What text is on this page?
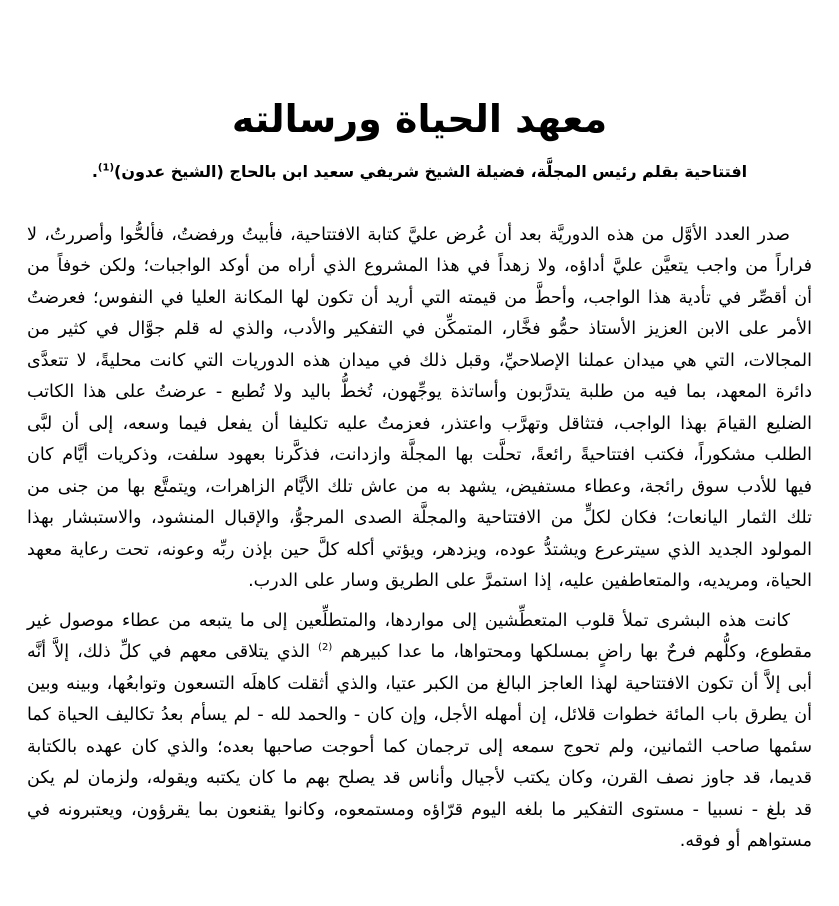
معهد الحياة ورسالته

افتتاحية بقلم رئيس المجلَّة، فضيلة الشيخ شريفي سعيد ابن بالحاج (الشيخ عدون)$^{(1)}$.

صدر العدد الأوَّل من هذه الدوريَّة بعد أن عُرض عليَّ كتابة الافتتاحية، فأبيتُ ورفضتُ، فألحُّوا وأصررتُ، لا فراراً من واجب يتعيَّن عليَّ أداؤه، ولا زهداً في هذا المشروع الذي أراه من أوكد الواجبات؛ ولكن خوفاً من أن أقصِّر في تأدية هذا الواجب، وأحطَّ من قيمته التي أريد أن تكون لها المكانة العليا في النفوس؛ فعرضتُ الأمر على الابن العزيز الأستاذ حمُّو فخَّار، المتمكِّن في التفكير والأدب، والذي له قلم جوَّال في كثير من المجالات، التي هي ميدان عملنا الإصلاحيِّ، وقبل ذلك في ميدان هذه الدوريات التي كانت محليةً، لا تتعدَّى دائرة المعهد، بما فيه من طلبة يتدرَّبون وأساتذة يوجِّهون، تُخطُّ باليد ولا تُطبع - عرضتُ على هذا الكاتب الضليع القيامَ بهذا الواجب، فتثاقل وتهرَّب واعتذر، فعزمتُ عليه تكليفا أن يفعل فيما وسعه، إلى أن لبَّى الطلب مشكوراً، فكتب افتتاحيةً رائعةً، تحلَّت بها المجلَّة وازدانت، فذكَّرنا بعهود سلفت، وذكريات أيَّام كان فيها للأدب سوق رائجة، وعطاء مستفيض، يشهد به من عاش تلك الأيَّام الزاهرات، ويتمتَّع بها من جنى من تلك الثمار اليانعات؛ فكان لكلٍّ من الافتتاحية والمجلَّة الصدى المرجوُّ، والإقبال المنشود، والاستبشار بهذا المولود الجديد الذي سيترعرع ويشتدُّ عوده، ويزدهر، ويؤتي أكله كلَّ حين بإذن ربِّه وعونه، تحت رعاية معهد الحياة، ومريديه، والمتعاطفين عليه، إذا استمرَّ على الطريق وسار على الدرب.

كانت هذه البشرى تملأ قلوب المتعطِّشين إلى مواردها، والمتطلِّعين إلى ما يتبعه من عطاء موصول غير مقطوع، وكلُّهم فرحٌ بها راضٍ بمسلكها ومحتواها، ما عدا كبيرهم $^{(2)}$ الذي يتلاقى معهم في كلِّ ذلك، إلاَّ أنَّه أبى إلاَّ أن تكون الافتتاحية لهذا العاجز البالغ من الكبر عتيا، والذي أثقلت كاهلَه التسعون وتوابعُها، وبينه وبين أن يطرق باب المائة خطوات قلائل، إن أمهله الأجل، وإن كان - والحمد لله - لم يسأم بعدُ تكاليف الحياة كما سئمها صاحب الثمانين، ولم تحوج سمعه إلى ترجمان كما أحوجت صاحبها بعده؛ والذي كان عهده بالكتابة قديما، قد جاوز نصف القرن، وكان يكتب لأجيال وأناس قد يصلح بهم ما كان يكتبه ويقوله، ولزمان لم يكن قد بلغ - نسبيا - مستوى التفكير ما بلغه اليوم قرّاؤه ومستمعوه، وكانوا يقنعون بما يقرؤون، ويعتبرونه في مستواهم أو فوقه.
